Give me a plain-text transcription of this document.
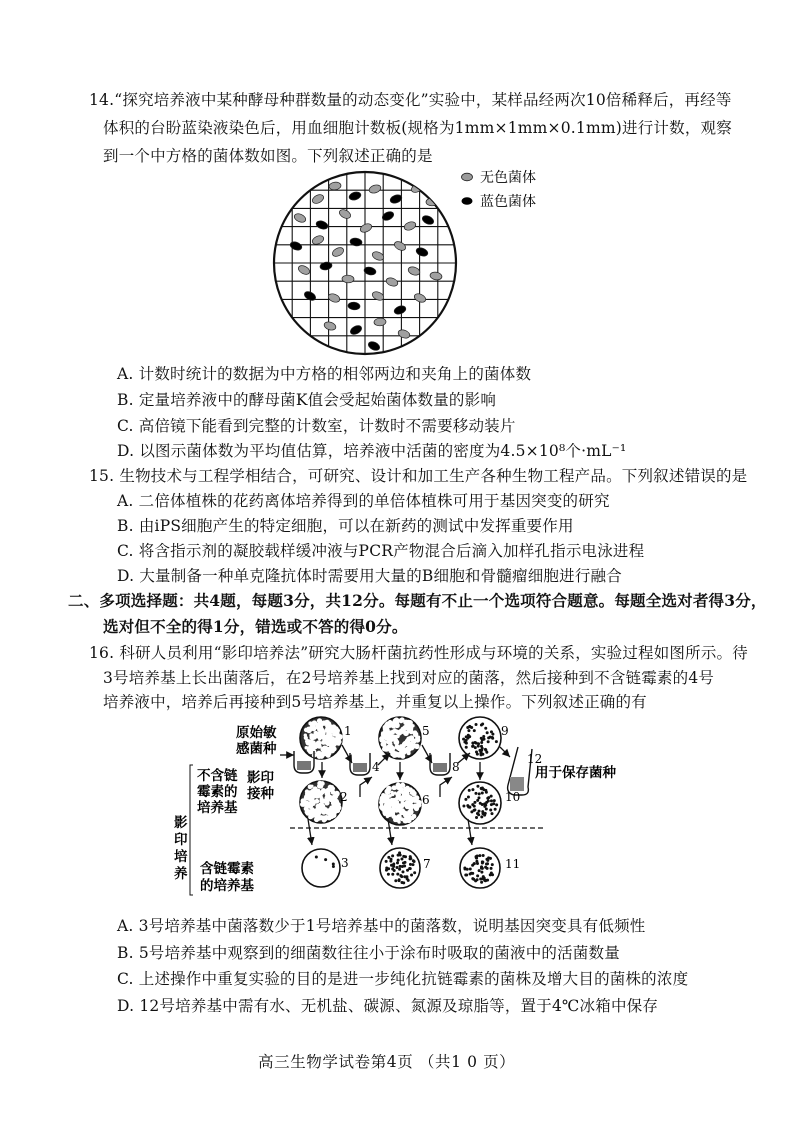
14.“探究培养液中某种酵母种群数量的动态变化”实验中，某样品经两次10倍稀释后，再经等
体积的台盼蓝染液染色后，用血细胞计数板(规格为1mm×1mm×0.1mm)进行计数，观察
到一个中方格的菌体数如图。下列叙述正确的是
无色菌体
蓝色菌体
A. 计数时统计的数据为中方格的相邻两边和夹角上的菌体数
B. 定量培养液中的酵母菌K值会受起始菌体数量的影响
C. 高倍镜下能看到完整的计数室，计数时不需要移动装片
D. 以图示菌体数为平均值估算，培养液中活菌的密度为4.5×10⁸个·mL⁻¹
15. 生物技术与工程学相结合，可研究、设计和加工生产各种生物工程产品。下列叙述错误的是
A. 二倍体植株的花药离体培养得到的单倍体植株可用于基因突变的研究
B. 由iPS细胞产生的特定细胞，可以在新药的测试中发挥重要作用
C. 将含指示剂的凝胶载样缓冲液与PCR产物混合后滴入加样孔指示电泳进程
D. 大量制备一种单克隆抗体时需要用大量的B细胞和骨髓瘤细胞进行融合
二、多项选择题：共4题，每题3分，共12分。每题有不止一个选项符合题意。每题全选对者得3分，
选对但不全的得1分，错选或不答的得0分。
16. 科研人员利用“影印培养法”研究大肠杆菌抗药性形成与环境的关系，实验过程如图所示。待
3号培养基上长出菌落后，在2号培养基上找到对应的菌落，然后接种到不含链霉素的4号
培养液中，培养后再接种到5号培养基上，并重复以上操作。下列叙述正确的有
原始敏
感菌种
不含链
霉素的
培养基
影印
接种
影
印
培
养 含链霉素
的培养基
用于保存菌种
1
2
3
4
5
6
7
8
9
10
11
12
A. 3号培养基中菌落数少于1号培养基中的菌落数，说明基因突变具有低频性
B. 5号培养基中观察到的细菌数往往小于涂布时吸取的菌液中的活菌数量
C. 上述操作中重复实验的目的是进一步纯化抗链霉素的菌株及增大目的菌株的浓度
D. 12号培养基中需有水、无机盐、碳源、氮源及琼脂等，置于4℃冰箱中保存
高三生物学试卷第4页 （共1 0 页）
